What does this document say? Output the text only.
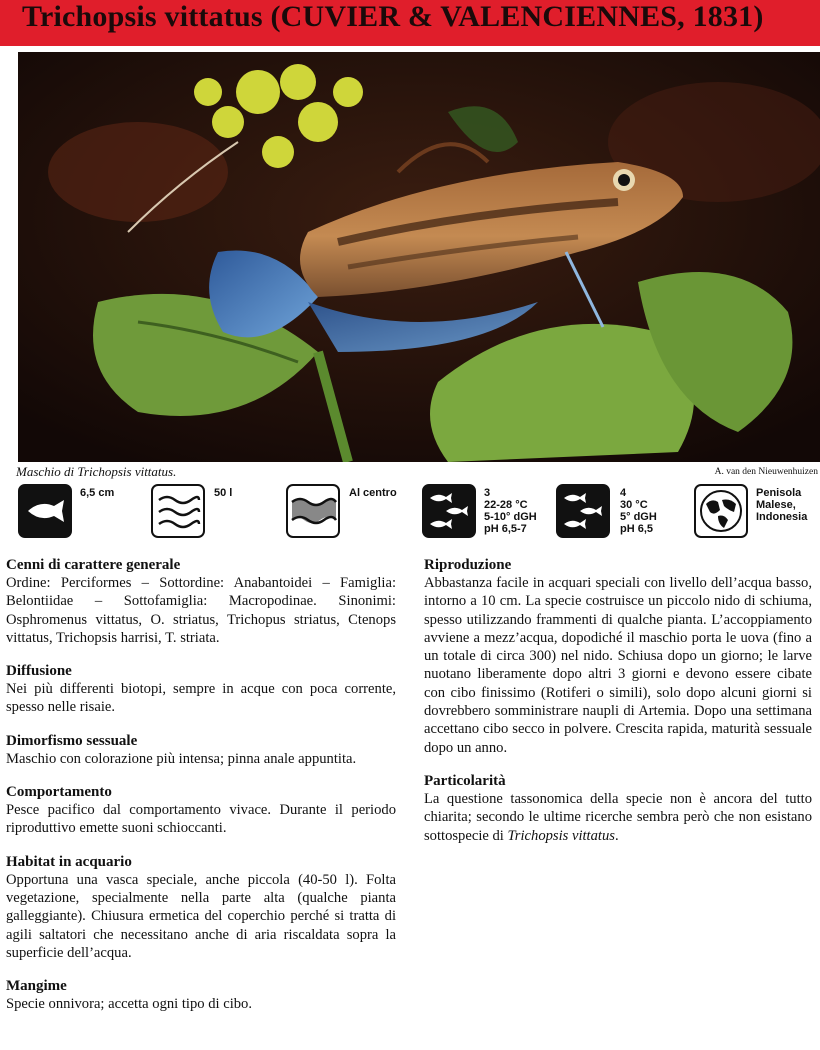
Trichopsis vittatus (CUVIER & VALENCIENNES, 1831)
Maschio di Trichopsis vittatus.	A. van den Nieuwenhuizen
6,5 cm	50 l	Al centro	3
22-28 °C
5-10° dGH
pH 6,5-7
4
30 °C
5° dGH
pH 6,5
Penisola
Malese,
Indonesia
Cenni di carattere generale

Ordine: Perciformes – Sottordine: Anabantoidei – Famiglia: Belontiidae – Sottofamiglia: Macropodinae. Sinonimi: Osphromenus vittatus, O. striatus, Trichopus striatus, Ctenops vittatus, Trichopsis harrisi, T. striata.

Diffusione

Nei più differenti biotopi, sempre in acque con poca corrente, spesso nelle risaie.

Dimorfismo sessuale

Maschio con colorazione più intensa; pinna anale appuntita.

Comportamento

Pesce pacifico dal comportamento vivace. Durante il periodo riproduttivo emette suoni schioccanti.

Habitat in acquario

Opportuna una vasca speciale, anche piccola (40-50 l). Folta vegetazione, specialmente nella parte alta (qualche pianta galleggiante). Chiusura ermetica del coperchio perché si tratta di agili saltatori che necessitano anche di aria riscaldata sopra la superficie dell’acqua.

Mangime

Specie onnivora; accetta ogni tipo di cibo.

Riproduzione

Abbastanza facile in acquari speciali con livello dell’acqua basso, intorno a 10 cm. La specie costruisce un piccolo nido di schiuma, spesso utilizzando frammenti di qualche pianta. L’accoppiamento avviene a mezz’acqua, dopodiché il maschio porta le uova (fino a un totale di circa 300) nel nido. Schiusa dopo un giorno; le larve nuotano liberamente dopo altri 3 giorni e devono essere cibate con cibo finissimo (Rotiferi o simili), solo dopo alcuni giorni si dovrebbero somministrare naupli di Artemia. Dopo una settimana accettano cibo secco in polvere. Crescita rapida, maturità sessuale dopo un anno.

Particolarità

La questione tassonomica della specie non è ancora del tutto chiarita; secondo le ultime ricerche sembra però che non esistano sottospecie di Trichopsis vittatus.
